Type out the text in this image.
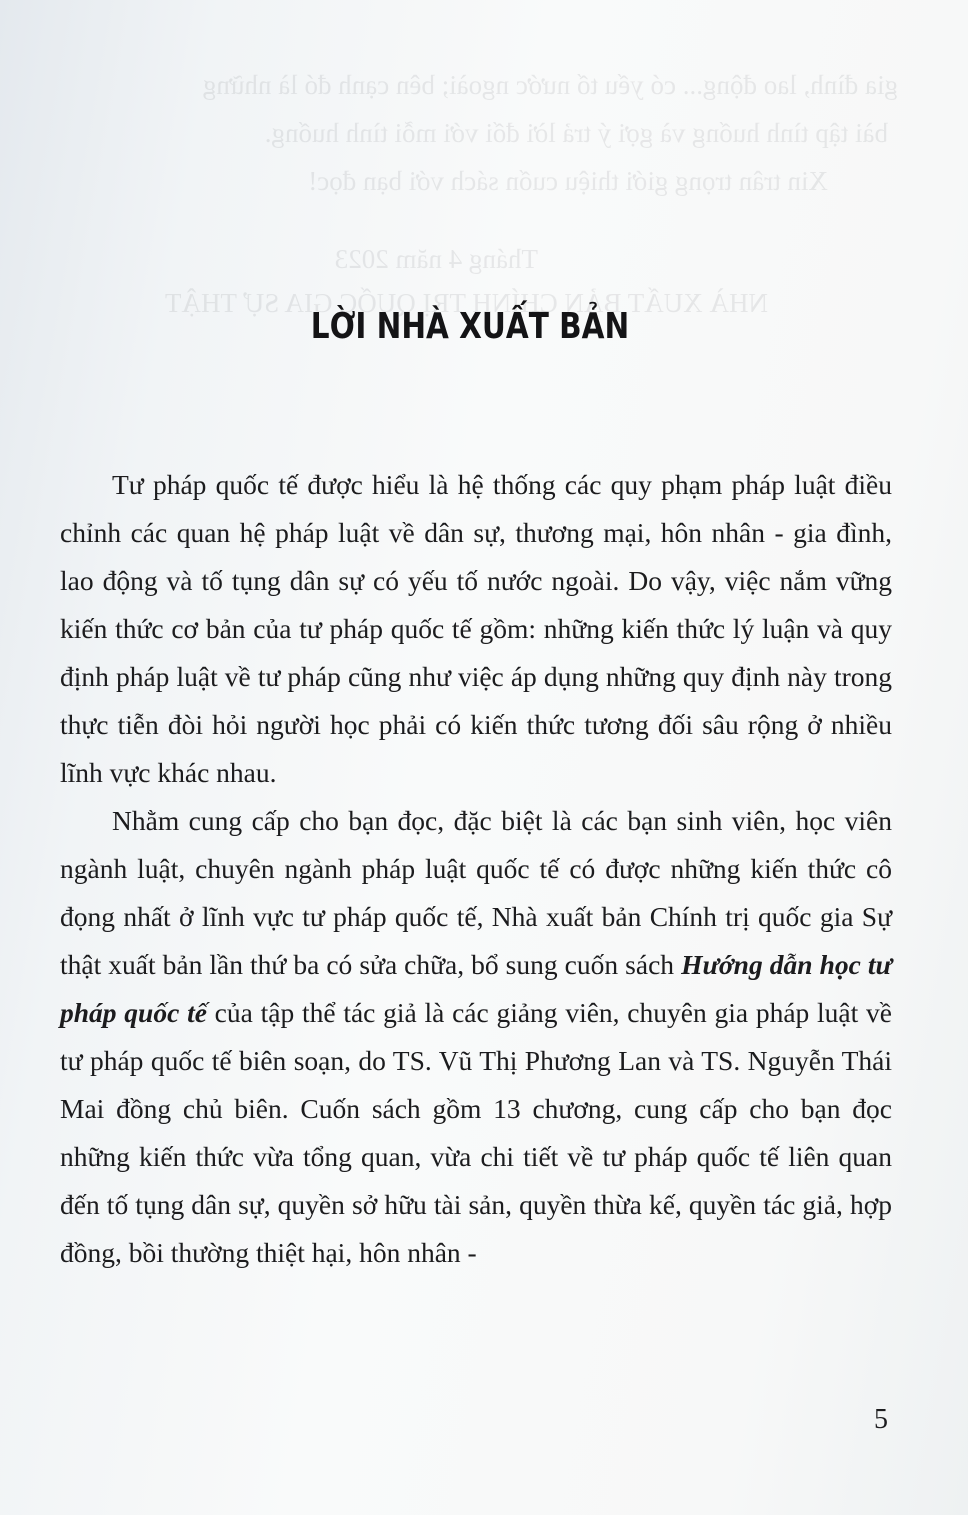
gia đình, lao động... có yếu tố nước ngoài; bên cạnh đó là những
bài tập tình huống và gợi ý trả lời đối với mỗi tình huống.
Xin trân trọng giới thiệu cuốn sách với bạn đọc!
Tháng 4 năm 2023
NHÀ XUẤT BẢN CHÍNH TRỊ QUỐC GIA SỰ THẬT
LỜI NHÀ XUẤT BẢN

Tư pháp quốc tế được hiểu là hệ thống các quy phạm pháp luật điều chỉnh các quan hệ pháp luật về dân sự, thương mại, hôn nhân - gia đình, lao động và tố tụng dân sự có yếu tố nước ngoài. Do vậy, việc nắm vững kiến thức cơ bản của tư pháp quốc tế gồm: những kiến thức lý luận và quy định pháp luật về tư pháp cũng như việc áp dụng những quy định này trong thực tiễn đòi hỏi người học phải có kiến thức tương đối sâu rộng ở nhiều lĩnh vực khác nhau.

Nhằm cung cấp cho bạn đọc, đặc biệt là các bạn sinh viên, học viên ngành luật, chuyên ngành pháp luật quốc tế có được những kiến thức cô đọng nhất ở lĩnh vực tư pháp quốc tế, Nhà xuất bản Chính trị quốc gia Sự thật xuất bản lần thứ ba có sửa chữa, bổ sung cuốn sách Hướng dẫn học tư pháp quốc tế của tập thể tác giả là các giảng viên, chuyên gia pháp luật về tư pháp quốc tế biên soạn, do TS. Vũ Thị Phương Lan và TS. Nguyễn Thái Mai đồng chủ biên. Cuốn sách gồm 13 chương, cung cấp cho bạn đọc những kiến thức vừa tổng quan, vừa chi tiết về tư pháp quốc tế liên quan đến tố tụng dân sự, quyền sở hữu tài sản, quyền thừa kế, quyền tác giả, hợp đồng, bồi thường thiệt hại, hôn nhân -

5
